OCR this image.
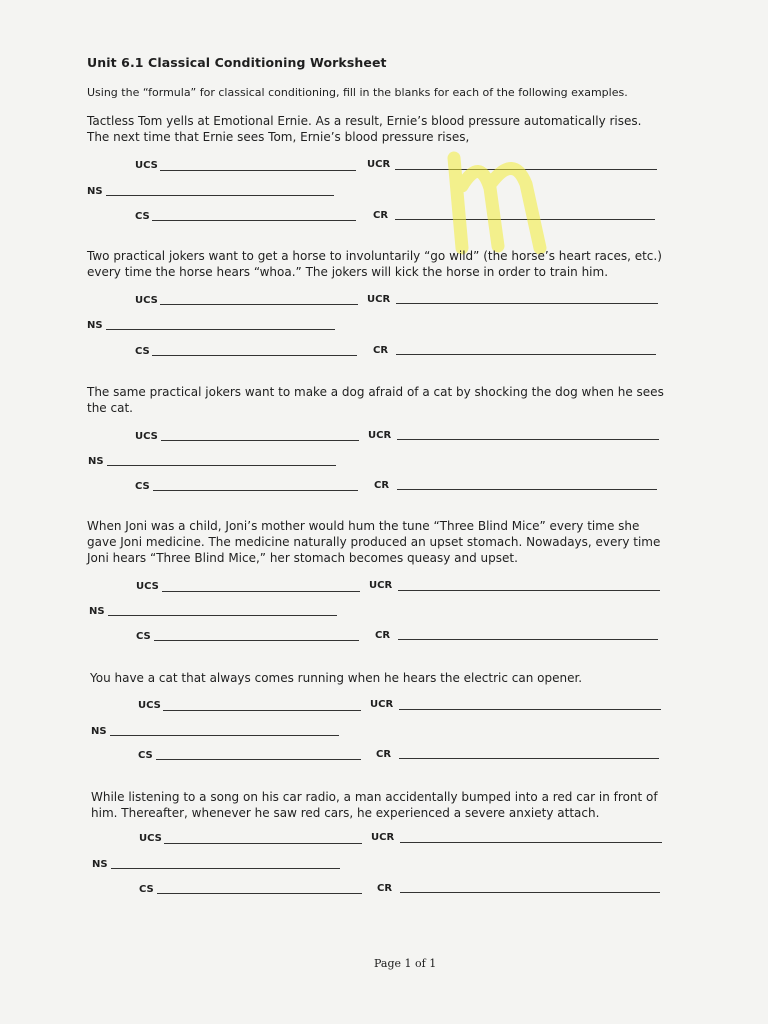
Unit 6.1 Classical Conditioning Worksheet
Using the “formula” for classical conditioning, fill in the blanks for each of the following examples.
Tactless Tom yells at Emotional Ernie. As a result, Ernie’s blood pressure automatically rises.
The next time that Ernie sees Tom, Ernie’s blood pressure rises,
UCS	UCR
NS
CS	CR
Two practical jokers want to get a horse to involuntarily “go wild” (the horse’s heart races, etc.)
every time the horse hears “whoa.” The jokers will kick the horse in order to train him.
UCS	UCR
NS
CS	CR
The same practical jokers want to make a dog afraid of a cat by shocking the dog when he sees
the cat.
UCS	UCR
NS
CS	CR
When Joni was a child, Joni’s mother would hum the tune “Three Blind Mice” every time she
gave Joni medicine. The medicine naturally produced an upset stomach. Nowadays, every time
Joni hears “Three Blind Mice,” her stomach becomes queasy and upset.
UCS	UCR
NS
CS	CR
You have a cat that always comes running when he hears the electric can opener.
UCS	UCR
NS
CS	CR
While listening to a song on his car radio, a man accidentally bumped into a red car in front of
him. Thereafter, whenever he saw red cars, he experienced a severe anxiety attach.
UCS	UCR
NS
CS	CR
Page 1 of 1
